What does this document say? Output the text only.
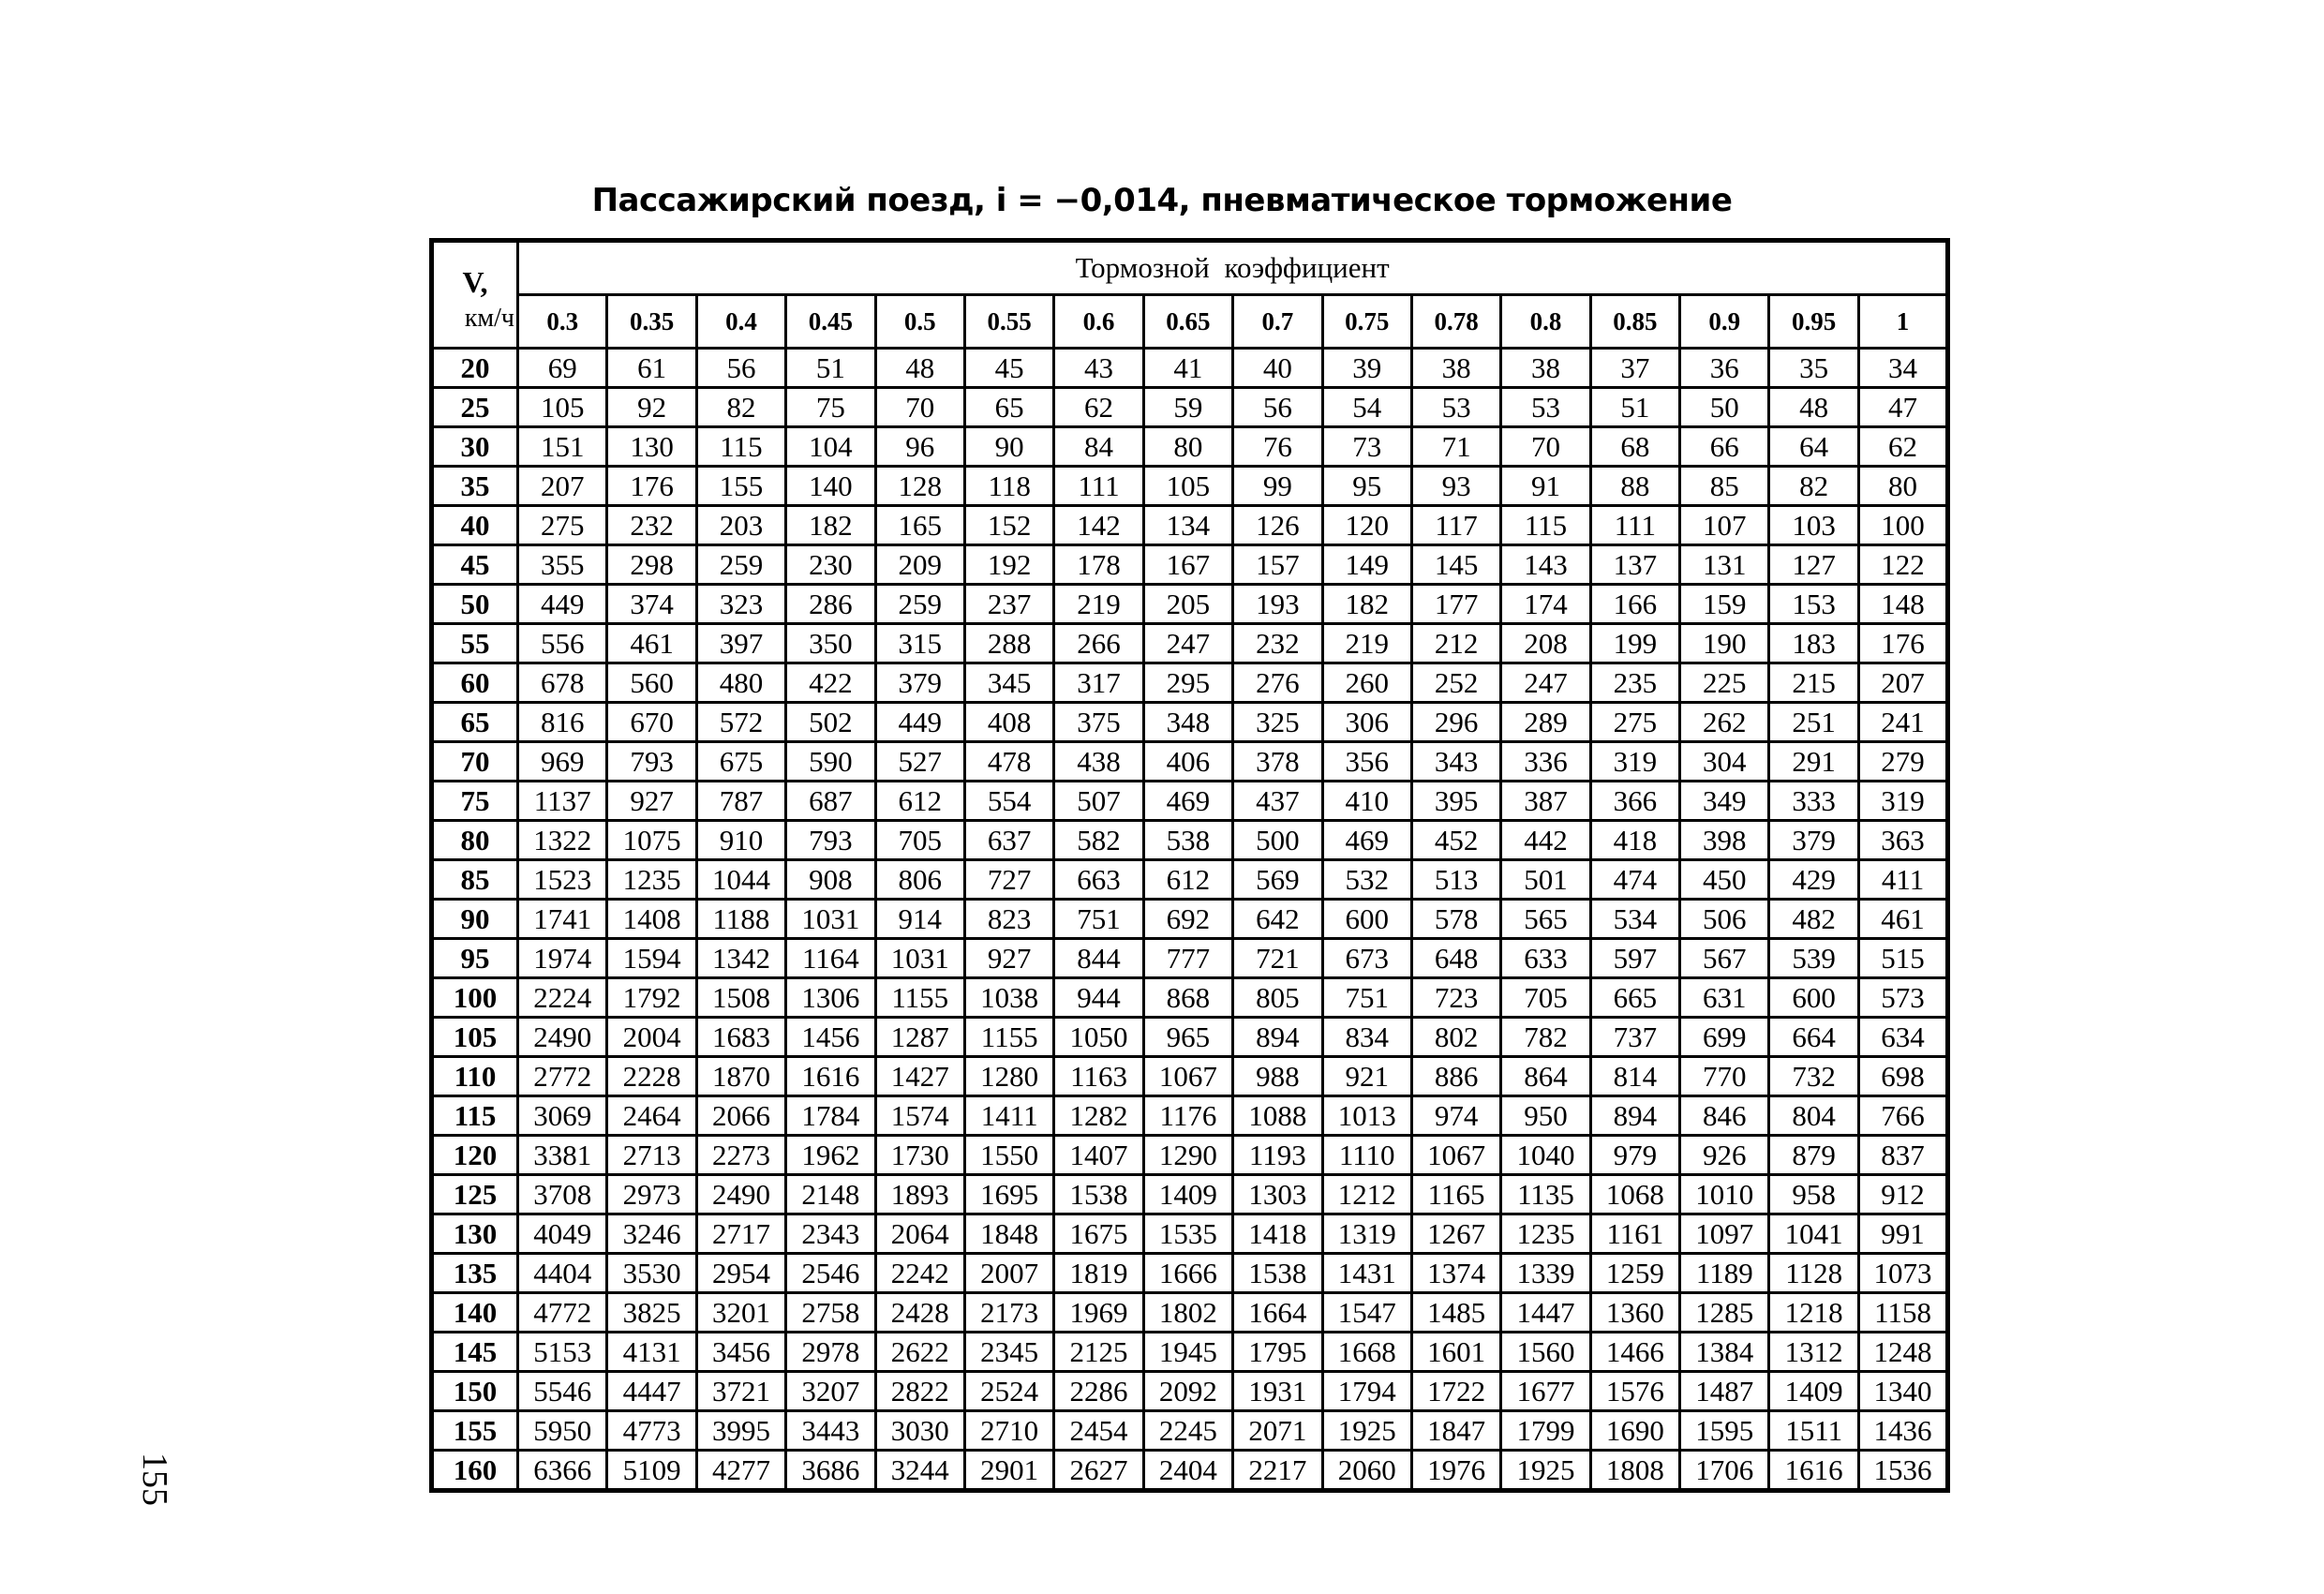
Пассажирский поезд, i = −0,014, пневматическое торможение
V,
км/ч	Тормозной коэффициент															
	0.3	0.35	0.4	0.45	0.5	0.55	0.6	0.65	0.7	0.75	0.78	0.8	0.85	0.9	0.95	1
20	69	61	56	51	48	45	43	41	40	39	38	38	37	36	35	34
25	105	92	82	75	70	65	62	59	56	54	53	53	51	50	48	47
30	151	130	115	104	96	90	84	80	76	73	71	70	68	66	64	62
35	207	176	155	140	128	118	111	105	99	95	93	91	88	85	82	80
40	275	232	203	182	165	152	142	134	126	120	117	115	111	107	103	100
45	355	298	259	230	209	192	178	167	157	149	145	143	137	131	127	122
50	449	374	323	286	259	237	219	205	193	182	177	174	166	159	153	148
55	556	461	397	350	315	288	266	247	232	219	212	208	199	190	183	176
60	678	560	480	422	379	345	317	295	276	260	252	247	235	225	215	207
65	816	670	572	502	449	408	375	348	325	306	296	289	275	262	251	241
70	969	793	675	590	527	478	438	406	378	356	343	336	319	304	291	279
75	1137	927	787	687	612	554	507	469	437	410	395	387	366	349	333	319
80	1322	1075	910	793	705	637	582	538	500	469	452	442	418	398	379	363
85	1523	1235	1044	908	806	727	663	612	569	532	513	501	474	450	429	411
90	1741	1408	1188	1031	914	823	751	692	642	600	578	565	534	506	482	461
95	1974	1594	1342	1164	1031	927	844	777	721	673	648	633	597	567	539	515
100	2224	1792	1508	1306	1155	1038	944	868	805	751	723	705	665	631	600	573
105	2490	2004	1683	1456	1287	1155	1050	965	894	834	802	782	737	699	664	634
110	2772	2228	1870	1616	1427	1280	1163	1067	988	921	886	864	814	770	732	698
115	3069	2464	2066	1784	1574	1411	1282	1176	1088	1013	974	950	894	846	804	766
120	3381	2713	2273	1962	1730	1550	1407	1290	1193	1110	1067	1040	979	926	879	837
125	3708	2973	2490	2148	1893	1695	1538	1409	1303	1212	1165	1135	1068	1010	958	912
130	4049	3246	2717	2343	2064	1848	1675	1535	1418	1319	1267	1235	1161	1097	1041	991
135	4404	3530	2954	2546	2242	2007	1819	1666	1538	1431	1374	1339	1259	1189	1128	1073
140	4772	3825	3201	2758	2428	2173	1969	1802	1664	1547	1485	1447	1360	1285	1218	1158
145	5153	4131	3456	2978	2622	2345	2125	1945	1795	1668	1601	1560	1466	1384	1312	1248
150	5546	4447	3721	3207	2822	2524	2286	2092	1931	1794	1722	1677	1576	1487	1409	1340
155	5950	4773	3995	3443	3030	2710	2454	2245	2071	1925	1847	1799	1690	1595	1511	1436
160	6366	5109	4277	3686	3244	2901	2627	2404	2217	2060	1976	1925	1808	1706	1616	1536
155
